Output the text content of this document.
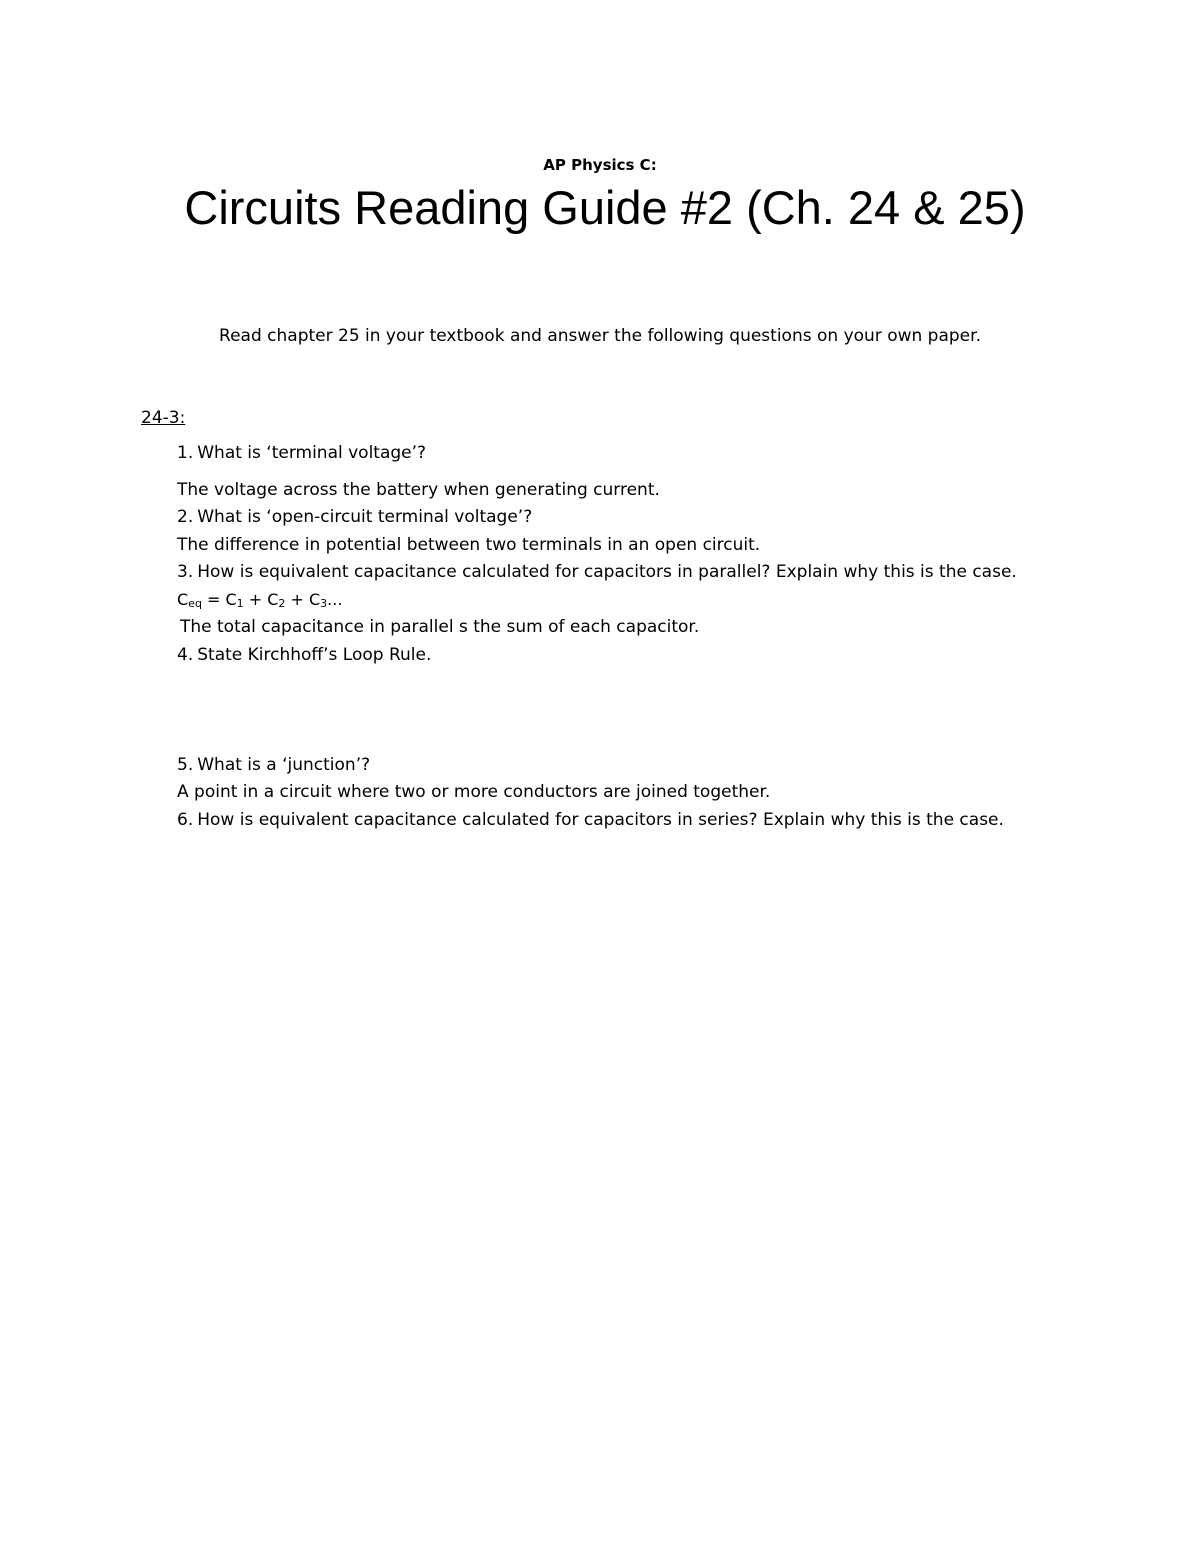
AP Physics C:
Circuits Reading Guide #2 (Ch. 24 & 25)
Read chapter 25 in your textbook and answer the following questions on your own paper.
24-3:
1. What is ‘terminal voltage’?
The voltage across the battery when generating current.
2. What is ‘open-circuit terminal voltage’?
The difference in potential between two terminals in an open circuit.
3. How is equivalent capacitance calculated for capacitors in parallel? Explain why this is the case.
Ceq = C1 + C2 + C3...
The total capacitance in parallel s the sum of each capacitor.
4. State Kirchhoff’s Loop Rule.
5. What is a ‘junction’?
A point in a circuit where two or more conductors are joined together.
6. How is equivalent capacitance calculated for capacitors in series? Explain why this is the case.
